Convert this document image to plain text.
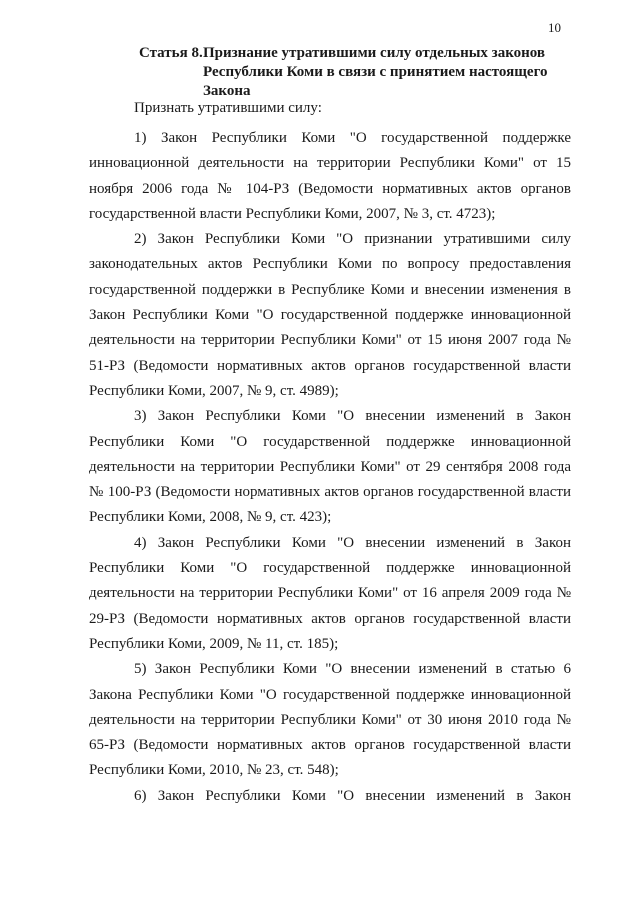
10
Статья 8. Признание утратившими силу отдельных законов Республики Коми в связи с принятием настоящего Закона
Признать утратившими силу:

1) Закон Республики Коми "О государственной поддержке инновационной деятельности на территории Республики Коми" от 15 ноября 2006 года № 104-РЗ (Ведомости нормативных актов органов государственной власти Республики Коми, 2007, № 3, ст. 4723);

2) Закон Республики Коми "О признании утратившими силу законодательных актов Республики Коми по вопросу предоставления государственной поддержки в Республике Коми и внесении изменения в Закон Республики Коми "О государственной поддержке инновационной деятельности на территории Республики Коми" от 15 июня 2007 года № 51-РЗ (Ведомости нормативных актов органов государственной власти Республики Коми, 2007, № 9, ст. 4989);

3) Закон Республики Коми "О внесении изменений в Закон Республики Коми "О государственной поддержке инновационной деятельности на территории Республики Коми" от 29 сентября 2008 года № 100-РЗ (Ведомости нормативных актов органов государственной власти Республики Коми, 2008, № 9, ст. 423);

4) Закон Республики Коми "О внесении изменений в Закон Республики Коми "О государственной поддержке инновационной деятельности на территории Республики Коми" от 16 апреля 2009 года № 29-РЗ (Ведомости нормативных актов органов государственной власти Республики Коми, 2009, № 11, ст. 185);

5) Закон Республики Коми "О внесении изменений в статью 6 Закона Республики Коми "О государственной поддержке инновационной деятельности на территории Республики Коми" от 30 июня 2010 года № 65-РЗ (Ведомости нормативных актов органов государственной власти Республики Коми, 2010, № 23, ст. 548);

6) Закон Республики Коми "О внесении изменений в Закон
